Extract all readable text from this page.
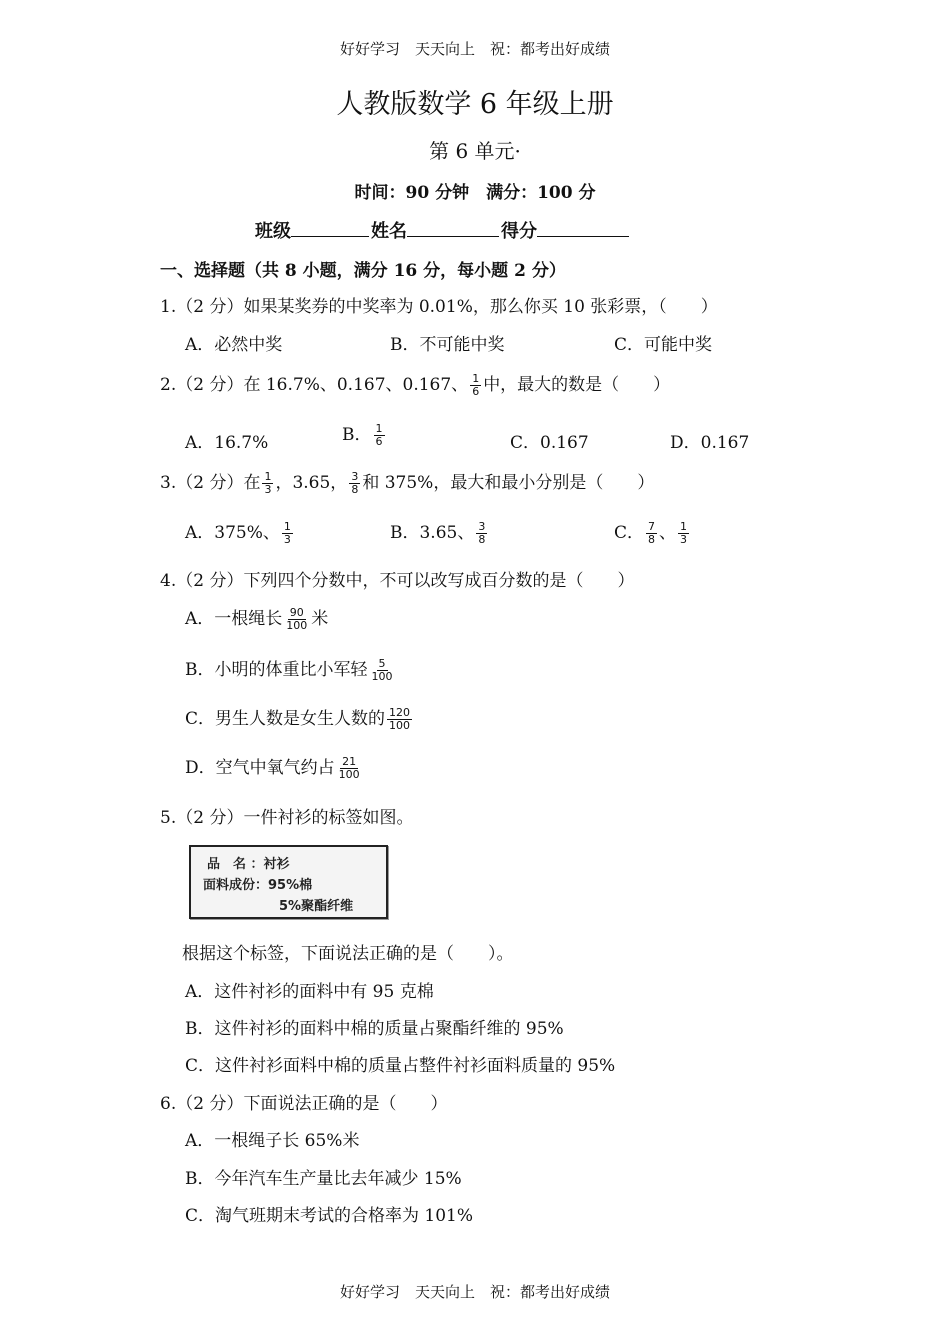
好好学习　天天向上　祝：都考出好成绩
人教版数学 6 年级上册
第 6 单元·
时间：90 分钟　满分：100 分
班级	姓名	得分
一、选择题（共 8 小题，满分 16 分，每小题 2 分）
1.（2 分）如果某奖券的中奖率为 0.01%，那么你买 10 张彩票，（　　）
A．必然中奖	B．不可能中奖	C．可能中奖
2.（2 分）在 16.7%、0.167、0.167、 $\frac{1}{6}$ 中，最大的数是（　　）
A．16.7%	B． $\frac{1}{6}$	C．0.167	D．0.167
3.（2 分）在 $\frac{1}{3}$ ，3.65， $\frac{3}{8}$ 和 375%，最大和最小分别是（　　）
A．375%、 $\frac{1}{3}$	B．3.65、 $\frac{3}{8}$	C． $\frac{7}{8}$ 、 $\frac{1}{3}$
4.（2 分）下列四个分数中，不可以改写成百分数的是（　　）
A．一根绳长 $\frac{90}{100}$ 米
B．小明的体重比小军轻 $\frac{5}{100}$
C．男生人数是女生人数的 $\frac{120}{100}$
D．空气中氧气约占 $\frac{21}{100}$
5.（2 分）一件衬衫的标签如图。
品　名 ：衬衫
面料成份：95%棉
5%聚酯纤维
根据这个标签，下面说法正确的是（　　）。
A．这件衬衫的面料中有 95 克棉
B．这件衬衫的面料中棉的质量占聚酯纤维的 95%
C．这件衬衫面料中棉的质量占整件衬衫面料质量的 95%
6.（2 分）下面说法正确的是（　　）
A．一根绳子长 65%米
B．今年汽车生产量比去年减少 15%
C．淘气班期末考试的合格率为 101%
好好学习　天天向上　祝：都考出好成绩
